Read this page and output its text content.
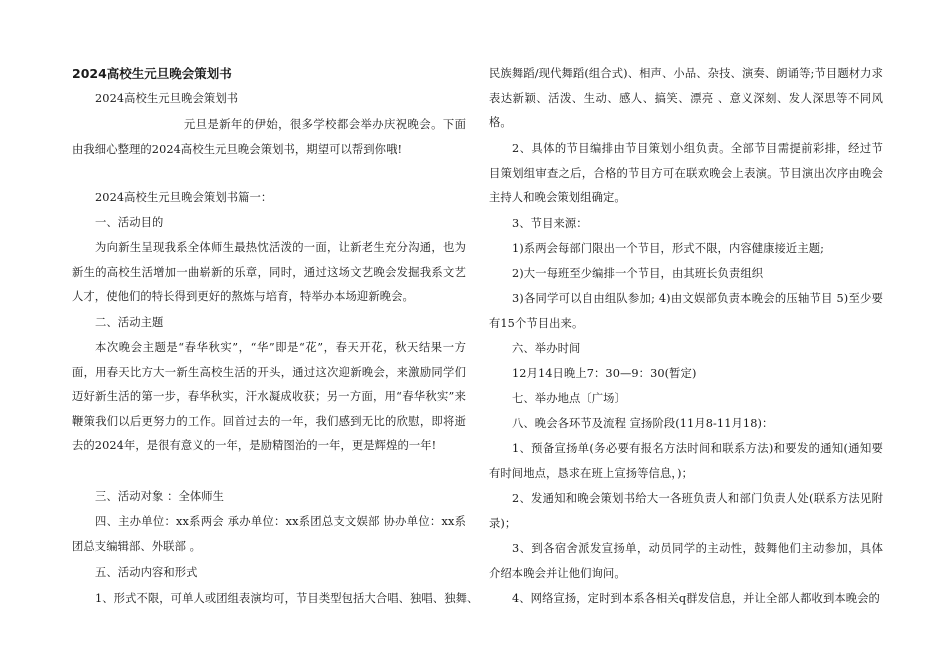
2024高校生元旦晚会策划书
2024高校生元旦晚会策划书
元旦是新年的伊始，很多学校都会举办庆祝晚会。下面由我细心整理的2024高校生元旦晚会策划书，期望可以帮到你哦!
2024高校生元旦晚会策划书篇一：
一、活动目的
为向新生呈现我系全体师生最热忱活泼的一面，让新老生充分沟通，也为新生的高校生活增加一曲崭新的乐章，同时，通过这场文艺晚会发掘我系文艺人才，使他们的特长得到更好的熬炼与培育，特举办本场迎新晚会。
二、活动主题
本次晚会主题是“春华秋实”，“华”即是“花”，春天开花，秋天结果一方面，用春天比方大一新生高校生活的开头，通过这次迎新晚会，来激励同学们迈好新生活的第一步，春华秋实，汗水凝成收获；另一方面，用“春华秋实”来鞭策我们以后更努力的工作。回首过去的一年，我们感到无比的欣慰，即将逝去的2024年，是很有意义的一年，是励精图治的一年，更是辉煌的一年!
三、活动对象 ：全体师生
四、主办单位：xx系两会 承办单位：xx系团总支文娱部 协办单位：xx系团总支编辑部、外联部 。
五、活动内容和形式
1、形式不限，可单人或团组表演均可，节目类型包括大合唱、独唱、独舞、
民族舞蹈/现代舞蹈(组合式)、相声、小品、杂技、演奏、朗诵等;节目题材力求表达新颖、活泼、生动、感人、搞笑、漂亮 、意义深刻、发人深思等不同风格。
2、具体的节目编排由节目策划小组负责。全部节目需提前彩排，经过节目策划组审查之后，合格的节目方可在联欢晚会上表演。节目演出次序由晚会主持人和晚会策划组确定。
3、节目来源：
1)系两会每部门限出一个节目，形式不限，内容健康接近主题;
2)大一每班至少编排一个节目，由其班长负责组织
3)各同学可以自由组队参加; 4)由文娱部负责本晚会的压轴节目 5)至少要有15个节目出来。
六、举办时间
12月14日晚上7：30—9：30(暂定)
七、举办地点〔广场〕
八、晚会各环节及流程 宣扬阶段(11月8-11月18)：
1、预备宣扬单(务必要有报名方法时间和联系方法)和要发的通知(通知要有时间地点，恳求在班上宣扬等信息，)；
2、发通知和晚会策划书给大一各班负责人和部门负责人处(联系方法见附录)；
3、到各宿舍派发宣扬单，动员同学的主动性，鼓舞他们主动参加，具体介绍本晚会并让他们询问。
4、网络宣扬，定时到本系各相关q群发信息，并让全部人都收到本晚会的
